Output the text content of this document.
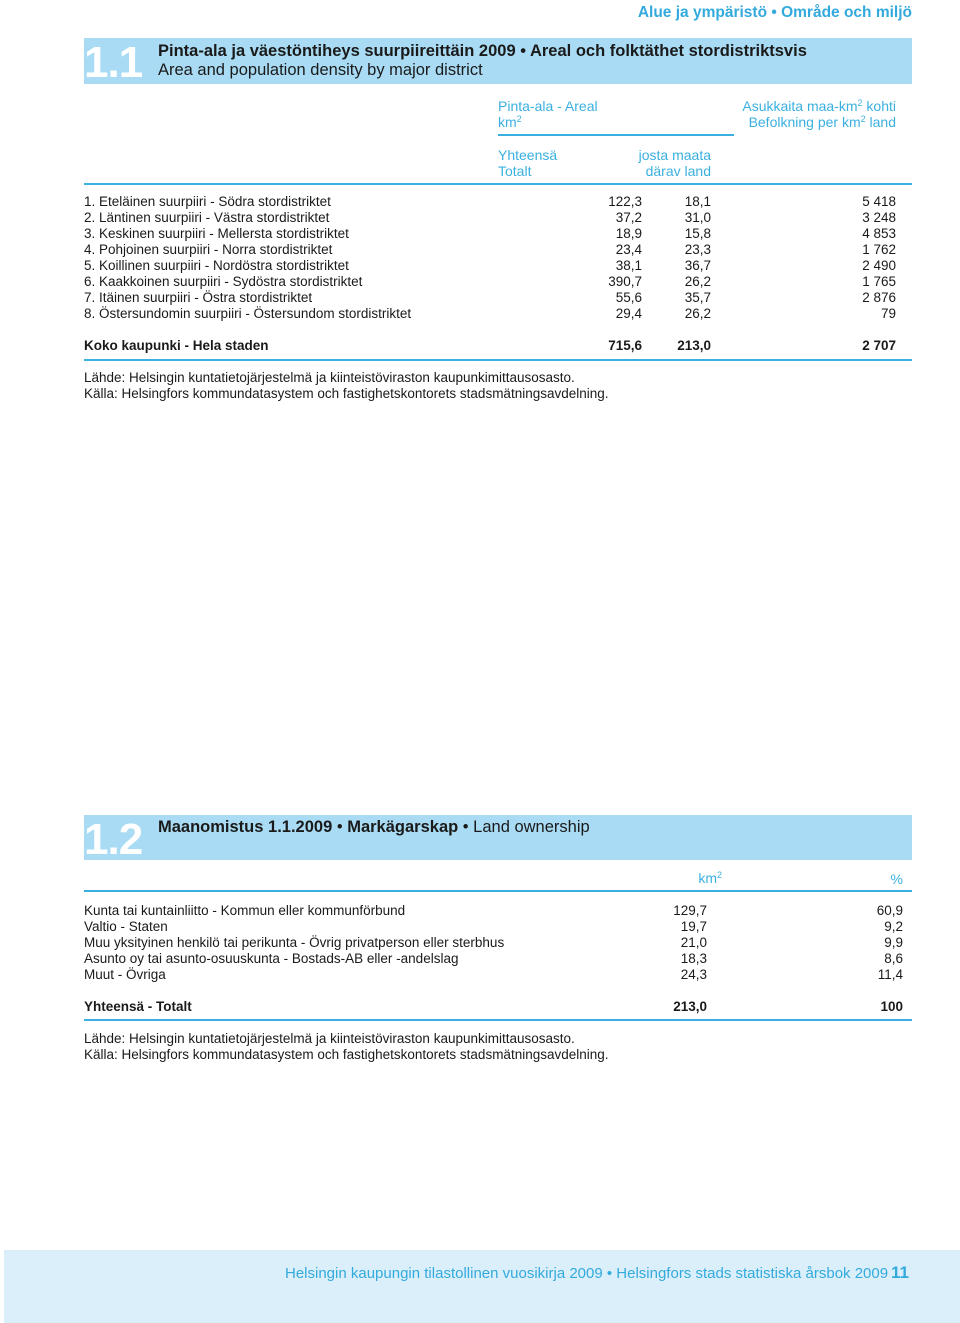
Alue ja ympäristö • Område och miljö
1.1 Pinta-ala ja väestöntiheys suurpiireittäin 2009 • Areal och folktäthet stordistriktsvis
Area and population density by major district
Pinta-ala - Areal
$km^2$
Asukkaita maa-$km^2$ kohti
Befolkning per $km^2$ land
Yhteensä
Totalt
josta maata
därav land
1. Eteläinen suurpiiri - Södra stordistriktet	122,3	18,1	5 418
2. Läntinen suurpiiri - Västra stordistriktet	37,2	31,0	3 248
3. Keskinen suurpiiri - Mellersta stordistriktet	18,9	15,8	4 853
4. Pohjoinen suurpiiri - Norra stordistriktet	23,4	23,3	1 762
5. Koillinen suurpiiri - Nordöstra stordistriktet	38,1	36,7	2 490
6. Kaakkoinen suurpiiri - Sydöstra stordistriktet	390,7	26,2	1 765
7. Itäinen suurpiiri - Östra stordistriktet	55,6	35,7	2 876
8. Östersundomin suurpiiri - Östersundom stordistriktet	29,4	26,2	79
Koko kaupunki - Hela staden	715,6	213,0	2 707
Lähde: Helsingin kuntatietojärjestelmä ja kiinteistöviraston kaupunkimittausosasto.
Källa: Helsingfors kommundatasystem och fastighetskontorets stadsmätningsavdelning.
1.2 Maanomistus 1.1.2009 • Markägarskap • Land ownership
$km^2$	%
Kunta tai kuntainliitto - Kommun eller kommunförbund	129,7	60,9
Valtio - Staten	19,7	9,2
Muu yksityinen henkilö tai perikunta - Övrig privatperson eller sterbhus	21,0	9,9
Asunto oy tai asunto-osuuskunta - Bostads-AB eller -andelslag	18,3	8,6
Muut - Övriga	24,3	11,4
Yhteensä - Totalt	213,0	100
Lähde: Helsingin kuntatietojärjestelmä ja kiinteistöviraston kaupunkimittausosasto.
Källa: Helsingfors kommundatasystem och fastighetskontorets stadsmätningsavdelning.
Helsingin kaupungin tilastollinen vuosikirja 2009 • Helsingfors stads statistiska årsbok 2009 11
